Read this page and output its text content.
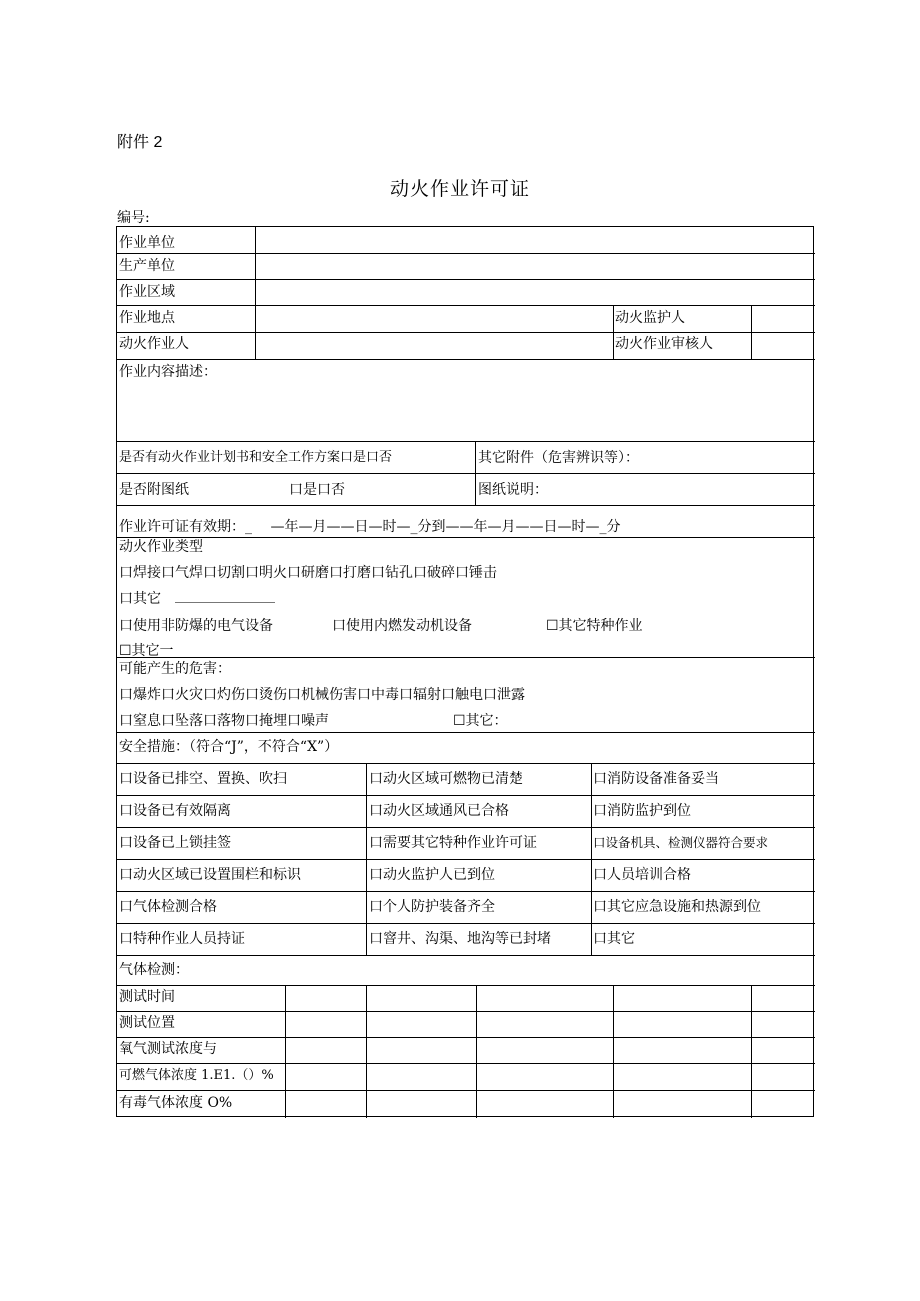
附件 2
动火作业许可证
编号:
作业单位
生产单位
作业区域
作业地点	动火监护人
动火作业人	动火作业审核人
作业内容描述：
是否有动火作业计划书和安全工作方案口是口否	其它附件（危害辨识等）：
是否附图纸	口是口否	图纸说明：
作业许可证有效期：_　 —年—月——日—时—_分到——年—月——日—时—_分
动火作业类型
口焊接口气焊口切割口明火口研磨口打磨口钻孔口破碎口锤击
口其它　
口使用非防爆的电气设备	口使用内燃发动机设备	☐其它特种作业
☐其它一
可能产生的危害：
口爆炸口火灾口灼伤口烫伤口机械伤害口中毒口辐射口触电口泄露
口窒息口坠落口落物口掩埋口噪声	☐其它：
安全措施：（符合“J”，不符合“X”）
口设备已排空、置换、吹扫	口动火区域可燃物已清楚	口消防设备准备妥当
口设备已有效隔离	口动火区域通风已合格	口消防监护到位
口设备已上锁挂签	口需要其它特种作业许可证	口设备机具、检测仪器符合要求
口动火区域已设置围栏和标识	口动火监护人已到位	口人员培训合格
口气体检测合格	口个人防护装备齐全	口其它应急设施和热源到位
口特种作业人员持证	口窨井、沟渠、地沟等已封堵	口其它
气体检测：
测试时间
测试位置
氧气测试浓度与
可燃气体浓度 1.E1.（）%
有毒气体浓度 O%
